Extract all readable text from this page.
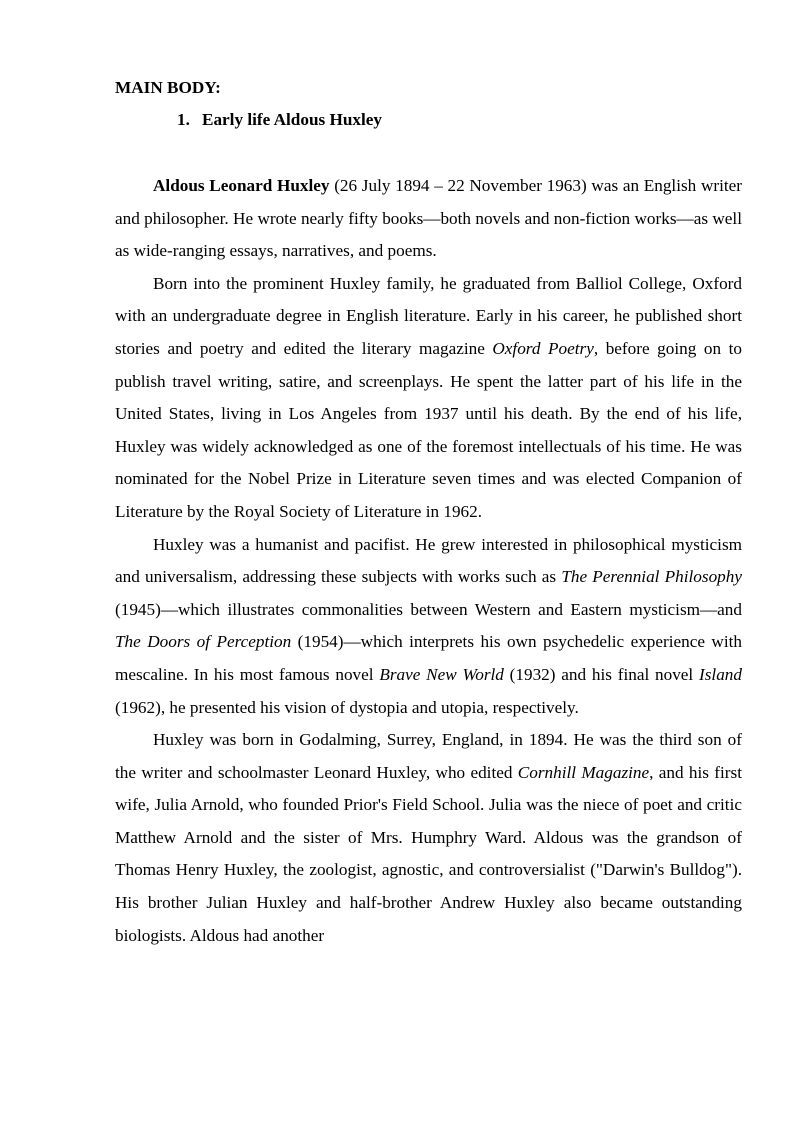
MAIN BODY:
1. Early life Aldous Huxley

Aldous Leonard Huxley (26 July 1894 – 22 November 1963) was an English writer and philosopher. He wrote nearly fifty books—both novels and non-fiction works—as well as wide-ranging essays, narratives, and poems.

Born into the prominent Huxley family, he graduated from Balliol College, Oxford with an undergraduate degree in English literature. Early in his career, he published short stories and poetry and edited the literary magazine Oxford Poetry, before going on to publish travel writing, satire, and screenplays. He spent the latter part of his life in the United States, living in Los Angeles from 1937 until his death. By the end of his life, Huxley was widely acknowledged as one of the foremost intellectuals of his time. He was nominated for the Nobel Prize in Literature seven times and was elected Companion of Literature by the Royal Society of Literature in 1962.

Huxley was a humanist and pacifist. He grew interested in philosophical mysticism and universalism, addressing these subjects with works such as The Perennial Philosophy (1945)—which illustrates commonalities between Western and Eastern mysticism—and The Doors of Perception (1954)—which interprets his own psychedelic experience with mescaline. In his most famous novel Brave New World (1932) and his final novel Island (1962), he presented his vision of dystopia and utopia, respectively.

Huxley was born in Godalming, Surrey, England, in 1894. He was the third son of the writer and schoolmaster Leonard Huxley, who edited Cornhill Magazine, and his first wife, Julia Arnold, who founded Prior's Field School. Julia was the niece of poet and critic Matthew Arnold and the sister of Mrs. Humphry Ward. Aldous was the grandson of Thomas Henry Huxley, the zoologist, agnostic, and controversialist ("Darwin's Bulldog"). His brother Julian Huxley and half-brother Andrew Huxley also became outstanding biologists. Aldous had another
